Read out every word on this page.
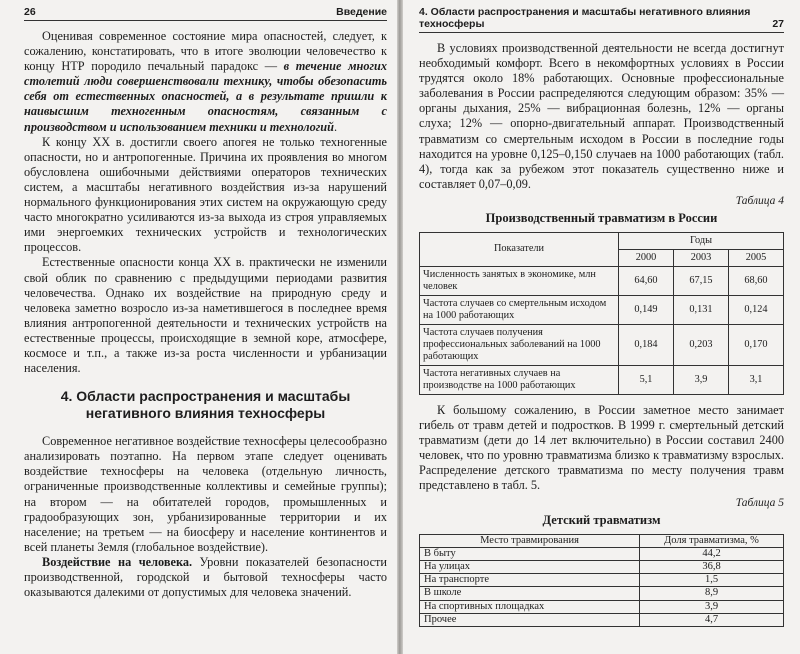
26	Введение

Оценивая современное состояние мира опасностей, следует, к сожалению, констатировать, что в итоге эволюции человечество к концу НТР породило печальный парадокс — в течение многих столетий люди совершенствовали технику, чтобы обезопасить себя от естественных опасностей, а в результате пришли к наивысшим техногенным опасностям, связанным с производством и использованием техники и технологий.

К концу XX в. достигли своего апогея не только техногенные опасности, но и антропогенные. Причина их проявления во многом обусловлена ошибочными действиями операторов технических систем, а масштабы негативного воздействия из-за нарушений нормального функционирования этих систем на окружающую среду часто многократно усиливаются из-за выхода из строя управляемых ими энергоемких технических устройств и технологических процессов.

Естественные опасности конца XX в. практически не изменили свой облик по сравнению с предыдущими периодами развития человечества. Однако их воздействие на природную среду и человека заметно возросло из-за наметившегося в последнее время влияния антропогенной деятельности и технических устройств на естественные процессы, происходящие в земной коре, атмосфере, космосе и т.п., а также из-за роста численности и урбанизации населения.

4. Области распространения и масштабы
негативного влияния техносферы

Современное негативное воздействие техносферы целесообразно анализировать поэтапно. На первом этапе следует оценивать воздействие техносферы на человека (отдельную личность, ограниченные производственные коллективы и семейные группы); на втором — на обитателей городов, промышленных и градообразующих зон, урбанизированные территории и их население; на третьем — на биосферу и население континентов и всей планеты Земля (глобальное воздействие).

Воздействие на человека. Уровни показателей безопасности производственной, городской и бытовой техносферы часто оказываются далекими от допустимых для человека значений.

4. Области распространения и масштабы негативного влияния техносферы	27

В условиях производственной деятельности не всегда достигнут необходимый комфорт. Всего в некомфортных условиях в России трудятся около 18% работающих. Основные профессиональные заболевания в России распределяются следующим образом: 35% — органы дыхания, 25% — вибрационная болезнь, 12% — органы слуха; 12% — опорно-двигательный аппарат. Производственный травматизм со смертельным исходом в России в последние годы находится на уровне 0,125–0,150 случаев на 1000 работающих (табл. 4), тогда как за рубежом этот показатель существенно ниже и составляет 0,07–0,09.

Таблица 4
Производственный травматизм в России
Показатели	Годы		
	2000	2003	2005
Численность занятых в экономике, млн человек	64,60	67,15	68,60
Частота случаев со смертельным исходом на 1000 работающих	0,149	0,131	0,124
Частота случаев получения профессиональных заболеваний на 1000 работающих	0,184	0,203	0,170
Частота негативных случаев на производстве на 1000 работающих	5,1	3,9	3,1

К большому сожалению, в России заметное место занимает гибель от травм детей и подростков. В 1999 г. смертельный детский травматизм (дети до 14 лет включительно) в России составил 2400 человек, что по уровню травматизма близко к травматизму взрослых. Распределение детского травматизма по месту получения травм представлено в табл. 5.

Таблица 5
Детский травматизм
Место травмирования	Доля травматизма, %
В быту	44,2
На улицах	36,8
На транспорте	1,5
В школе	8,9
На спортивных площадках	3,9
Прочее	4,7
